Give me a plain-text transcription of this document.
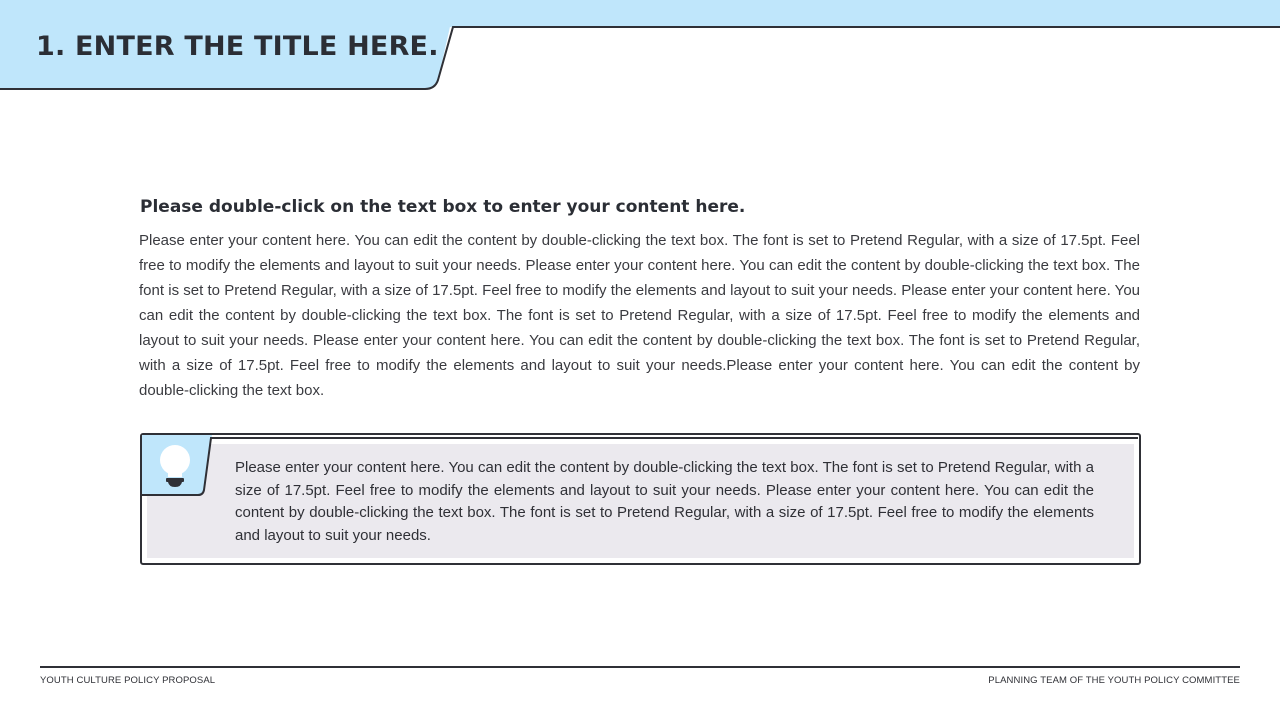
1. ENTER THE TITLE HERE.
Please double-click on the text box to enter your content here.

Please enter your content here. You can edit the content by double-clicking the text box. The font is set to Pretend Regular, with a size of 17.5pt. Feel free to modify the elements and layout to suit your needs. Please enter your content here. You can edit the content by double-clicking the text box. The font is set to Pretend Regular, with a size of 17.5pt. Feel free to modify the elements and layout to suit your needs. Please enter your content here. You can edit the content by double-clicking the text box. The font is set to Pretend Regular, with a size of 17.5pt. Feel free to modify the elements and layout to suit your needs. Please enter your content here. You can edit the content by double-clicking the text box. The font is set to Pretend Regular, with a size of 17.5pt. Feel free to modify the elements and layout to suit your needs.Please enter your content here. You can edit the content by double-clicking the text box.

Please enter your content here. You can edit the content by double-clicking the text box. The font is set to Pretend Regular, with a size of 17.5pt. Feel free to modify the elements and layout to suit your needs. Please enter your content here. You can edit the content by double-clicking the text box. The font is set to Pretend Regular, with a size of 17.5pt. Feel free to modify the elements and layout to suit your needs.

YOUTH CULTURE POLICY PROPOSAL	PLANNING TEAM OF THE YOUTH POLICY COMMITTEE
